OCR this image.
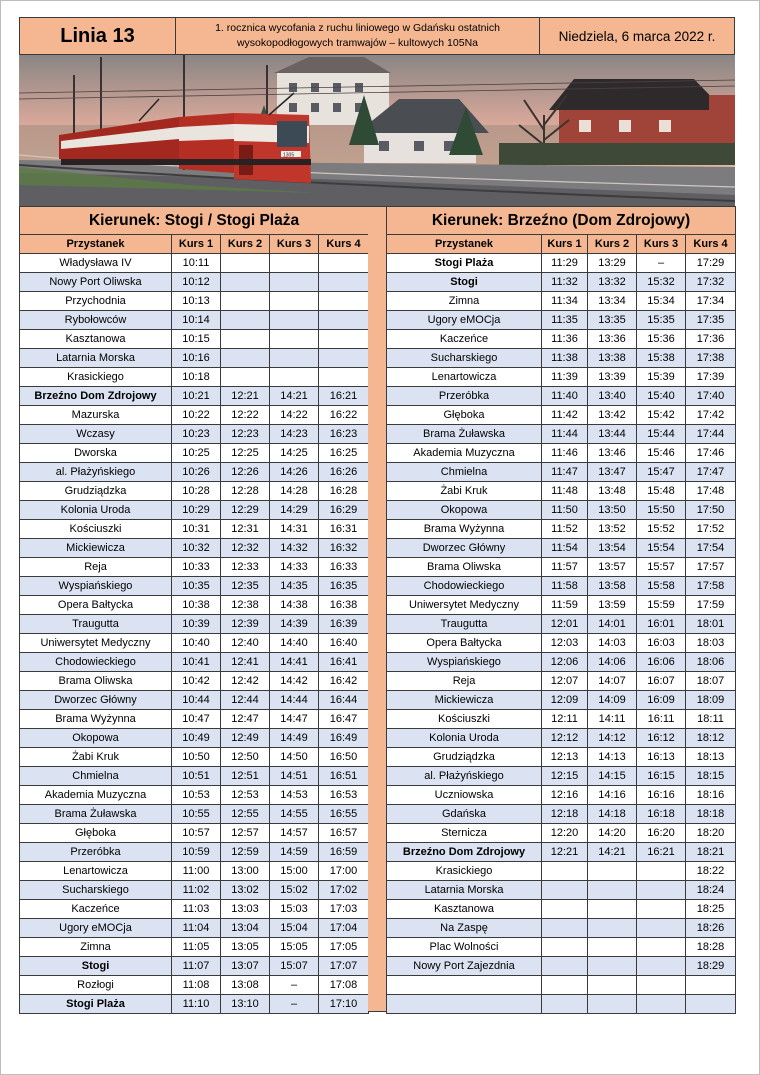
Linia 13	1. rocznica wycofania z ruchu liniowego w Gdańsku ostatnich
wysokopodłogowych tramwajów – kultowych 105Na	Niedziela, 6 marca 2022 r.
1305
Kierunek: Stogi / Stogi Plaża				
Przystanek	Kurs 1	Kurs 2	Kurs 3	Kurs 4
Władysława IV	10:11			
Nowy Port Oliwska	10:12			
Przychodnia	10:13			
Rybołowców	10:14			
Kasztanowa	10:15			
Latarnia Morska	10:16			
Krasickiego	10:18			
Brzeźno Dom Zdrojowy	10:21	12:21	14:21	16:21
Mazurska	10:22	12:22	14:22	16:22
Wczasy	10:23	12:23	14:23	16:23
Dworska	10:25	12:25	14:25	16:25
al. Płażyńskiego	10:26	12:26	14:26	16:26
Grudziądzka	10:28	12:28	14:28	16:28
Kolonia Uroda	10:29	12:29	14:29	16:29
Kościuszki	10:31	12:31	14:31	16:31
Mickiewicza	10:32	12:32	14:32	16:32
Reja	10:33	12:33	14:33	16:33
Wyspiańskiego	10:35	12:35	14:35	16:35
Opera Bałtycka	10:38	12:38	14:38	16:38
Traugutta	10:39	12:39	14:39	16:39
Uniwersytet Medyczny	10:40	12:40	14:40	16:40
Chodowieckiego	10:41	12:41	14:41	16:41
Brama Oliwska	10:42	12:42	14:42	16:42
Dworzec Główny	10:44	12:44	14:44	16:44
Brama Wyżynna	10:47	12:47	14:47	16:47
Okopowa	10:49	12:49	14:49	16:49
Żabi Kruk	10:50	12:50	14:50	16:50
Chmielna	10:51	12:51	14:51	16:51
Akademia Muzyczna	10:53	12:53	14:53	16:53
Brama Żuławska	10:55	12:55	14:55	16:55
Głęboka	10:57	12:57	14:57	16:57
Przeróbka	10:59	12:59	14:59	16:59
Lenartowicza	11:00	13:00	15:00	17:00
Sucharskiego	11:02	13:02	15:02	17:02
Kaczeńce	11:03	13:03	15:03	17:03
Ugory eMOCja	11:04	13:04	15:04	17:04
Zimna	11:05	13:05	15:05	17:05
Stogi	11:07	13:07	15:07	17:07
Rozłogi	11:08	13:08	–	17:08
Stogi Plaża	11:10	13:10	–	17:10
Kierunek: Brzeźno (Dom Zdrojowy)				
Przystanek	Kurs 1	Kurs 2	Kurs 3	Kurs 4
Stogi Plaża	11:29	13:29	–	17:29
Stogi	11:32	13:32	15:32	17:32
Zimna	11:34	13:34	15:34	17:34
Ugory eMOCja	11:35	13:35	15:35	17:35
Kaczeńce	11:36	13:36	15:36	17:36
Sucharskiego	11:38	13:38	15:38	17:38
Lenartowicza	11:39	13:39	15:39	17:39
Przeróbka	11:40	13:40	15:40	17:40
Głęboka	11:42	13:42	15:42	17:42
Brama Żuławska	11:44	13:44	15:44	17:44
Akademia Muzyczna	11:46	13:46	15:46	17:46
Chmielna	11:47	13:47	15:47	17:47
Żabi Kruk	11:48	13:48	15:48	17:48
Okopowa	11:50	13:50	15:50	17:50
Brama Wyżynna	11:52	13:52	15:52	17:52
Dworzec Główny	11:54	13:54	15:54	17:54
Brama Oliwska	11:57	13:57	15:57	17:57
Chodowieckiego	11:58	13:58	15:58	17:58
Uniwersytet Medyczny	11:59	13:59	15:59	17:59
Traugutta	12:01	14:01	16:01	18:01
Opera Bałtycka	12:03	14:03	16:03	18:03
Wyspiańskiego	12:06	14:06	16:06	18:06
Reja	12:07	14:07	16:07	18:07
Mickiewicza	12:09	14:09	16:09	18:09
Kościuszki	12:11	14:11	16:11	18:11
Kolonia Uroda	12:12	14:12	16:12	18:12
Grudziądzka	12:13	14:13	16:13	18:13
al. Płażyńskiego	12:15	14:15	16:15	18:15
Uczniowska	12:16	14:16	16:16	18:16
Gdańska	12:18	14:18	16:18	18:18
Sternicza	12:20	14:20	16:20	18:20
Brzeźno Dom Zdrojowy	12:21	14:21	16:21	18:21
Krasickiego				18:22
Latarnia Morska				18:24
Kasztanowa				18:25
Na Zaspę				18:26
Plac Wolności				18:28
Nowy Port Zajezdnia				18:29
